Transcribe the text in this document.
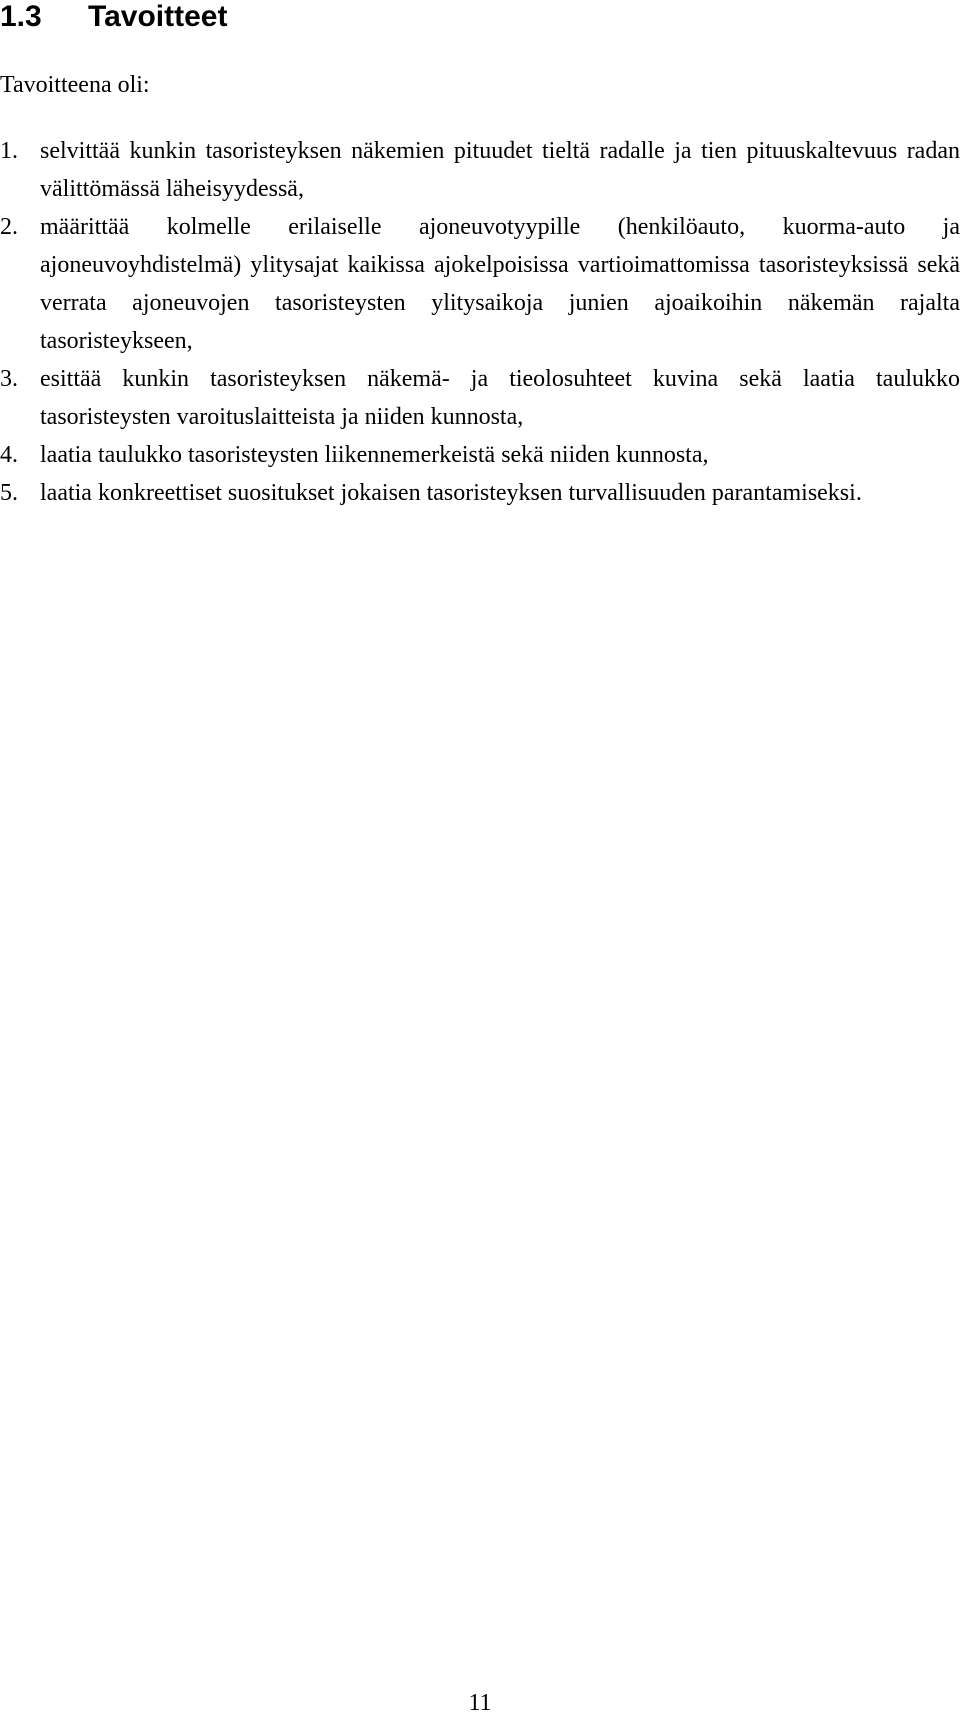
1.3 Tavoitteet

Tavoitteena oli:

1. selvittää kunkin tasoristeyksen näkemien pituudet tieltä radalle ja tien pituuskaltevuus radan välittömässä läheisyydessä,
2. määrittää kolmelle erilaiselle ajoneuvotyypille (henkilöauto, kuorma-auto ja ajoneuvoyhdistelmä) ylitysajat kaikissa ajokelpoisissa vartioimattomissa tasoristeyksissä sekä verrata ajoneuvojen tasoristeysten ylitysaikoja junien ajoaikoihin näkemän rajalta tasoristeykseen,
3. esittää kunkin tasoristeyksen näkemä- ja tieolosuhteet kuvina sekä laatia taulukko tasoristeysten varoituslaitteista ja niiden kunnosta,
4. laatia taulukko tasoristeysten liikennemerkeistä sekä niiden kunnosta,
5. laatia konkreettiset suositukset jokaisen tasoristeyksen turvallisuuden parantamiseksi.

11
